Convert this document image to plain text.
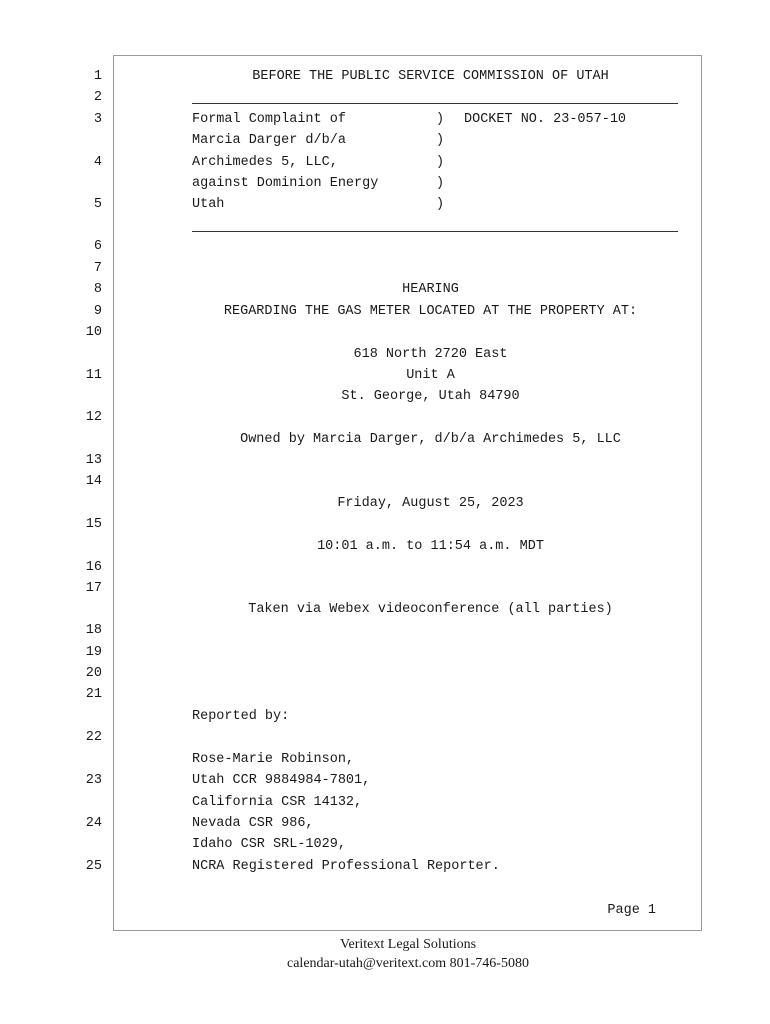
1
2
3
4
5
6
7
8
9
10
11
12
13
14
15
16
17
18
19
20
21
22
23
24
25
BEFORE THE PUBLIC SERVICE COMMISSION OF UTAH
Formal Complaint of
Marcia Darger d/b/a
Archimedes 5, LLC,
against Dominion Energy
Utah
)
)
)
)
)
DOCKET NO. 23-057-10
HEARING
REGARDING THE GAS METER LOCATED AT THE PROPERTY AT:
618 North 2720 East
Unit A
St. George, Utah 84790
Owned by Marcia Darger, d/b/a Archimedes 5, LLC
Friday, August 25, 2023
10:01 a.m. to 11:54 a.m. MDT
Taken via Webex videoconference (all parties)
Reported by:
Rose-Marie Robinson,
Utah CCR 9884984-7801,
California CSR 14132,
Nevada CSR 986,
Idaho CSR SRL-1029,
NCRA Registered Professional Reporter.
Page 1
Veritext Legal Solutions
calendar-utah@veritext.com 801-746-5080
